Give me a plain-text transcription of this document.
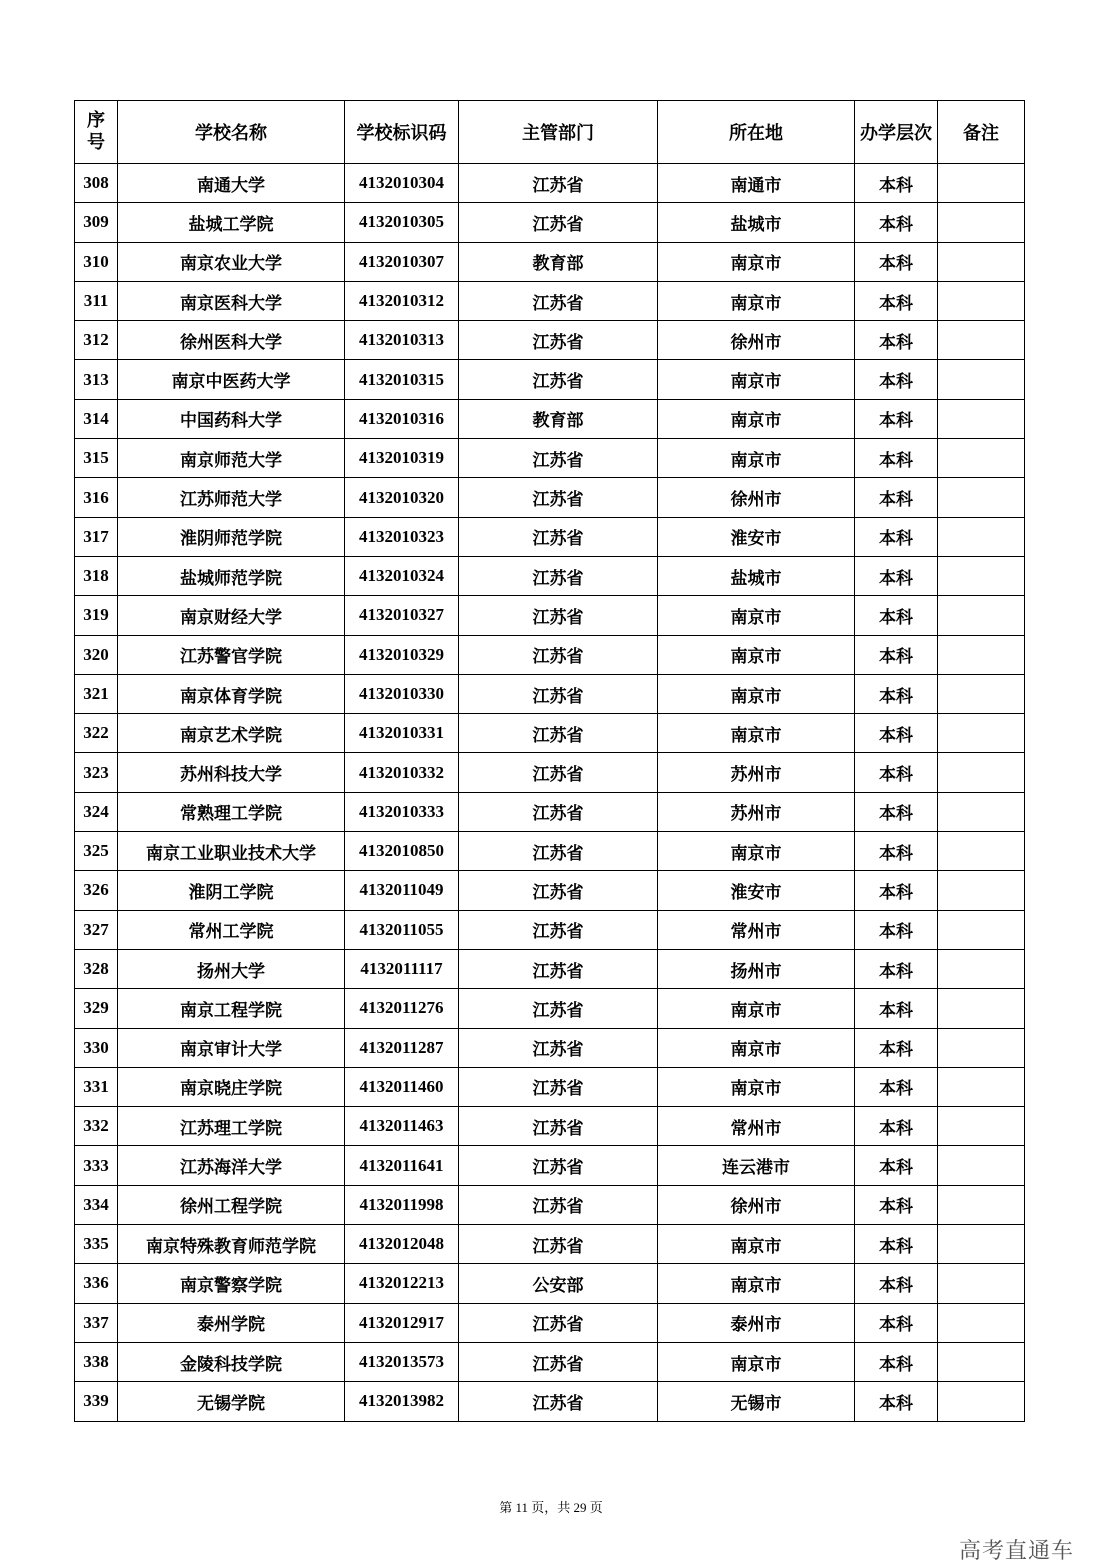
序
号	学校名称	学校标识码	主管部门	所在地	办学层次	备注
308	南通大学	4132010304	江苏省	南通市	本科	
309	盐城工学院	4132010305	江苏省	盐城市	本科	
310	南京农业大学	4132010307	教育部	南京市	本科	
311	南京医科大学	4132010312	江苏省	南京市	本科	
312	徐州医科大学	4132010313	江苏省	徐州市	本科	
313	南京中医药大学	4132010315	江苏省	南京市	本科	
314	中国药科大学	4132010316	教育部	南京市	本科	
315	南京师范大学	4132010319	江苏省	南京市	本科	
316	江苏师范大学	4132010320	江苏省	徐州市	本科	
317	淮阴师范学院	4132010323	江苏省	淮安市	本科	
318	盐城师范学院	4132010324	江苏省	盐城市	本科	
319	南京财经大学	4132010327	江苏省	南京市	本科	
320	江苏警官学院	4132010329	江苏省	南京市	本科	
321	南京体育学院	4132010330	江苏省	南京市	本科	
322	南京艺术学院	4132010331	江苏省	南京市	本科	
323	苏州科技大学	4132010332	江苏省	苏州市	本科	
324	常熟理工学院	4132010333	江苏省	苏州市	本科	
325	南京工业职业技术大学	4132010850	江苏省	南京市	本科	
326	淮阴工学院	4132011049	江苏省	淮安市	本科	
327	常州工学院	4132011055	江苏省	常州市	本科	
328	扬州大学	4132011117	江苏省	扬州市	本科	
329	南京工程学院	4132011276	江苏省	南京市	本科	
330	南京审计大学	4132011287	江苏省	南京市	本科	
331	南京晓庄学院	4132011460	江苏省	南京市	本科	
332	江苏理工学院	4132011463	江苏省	常州市	本科	
333	江苏海洋大学	4132011641	江苏省	连云港市	本科	
334	徐州工程学院	4132011998	江苏省	徐州市	本科	
335	南京特殊教育师范学院	4132012048	江苏省	南京市	本科	
336	南京警察学院	4132012213	公安部	南京市	本科	
337	泰州学院	4132012917	江苏省	泰州市	本科	
338	金陵科技学院	4132013573	江苏省	南京市	本科	
339	无锡学院	4132013982	江苏省	无锡市	本科	
第 11 页，共 29 页
高考直通车
